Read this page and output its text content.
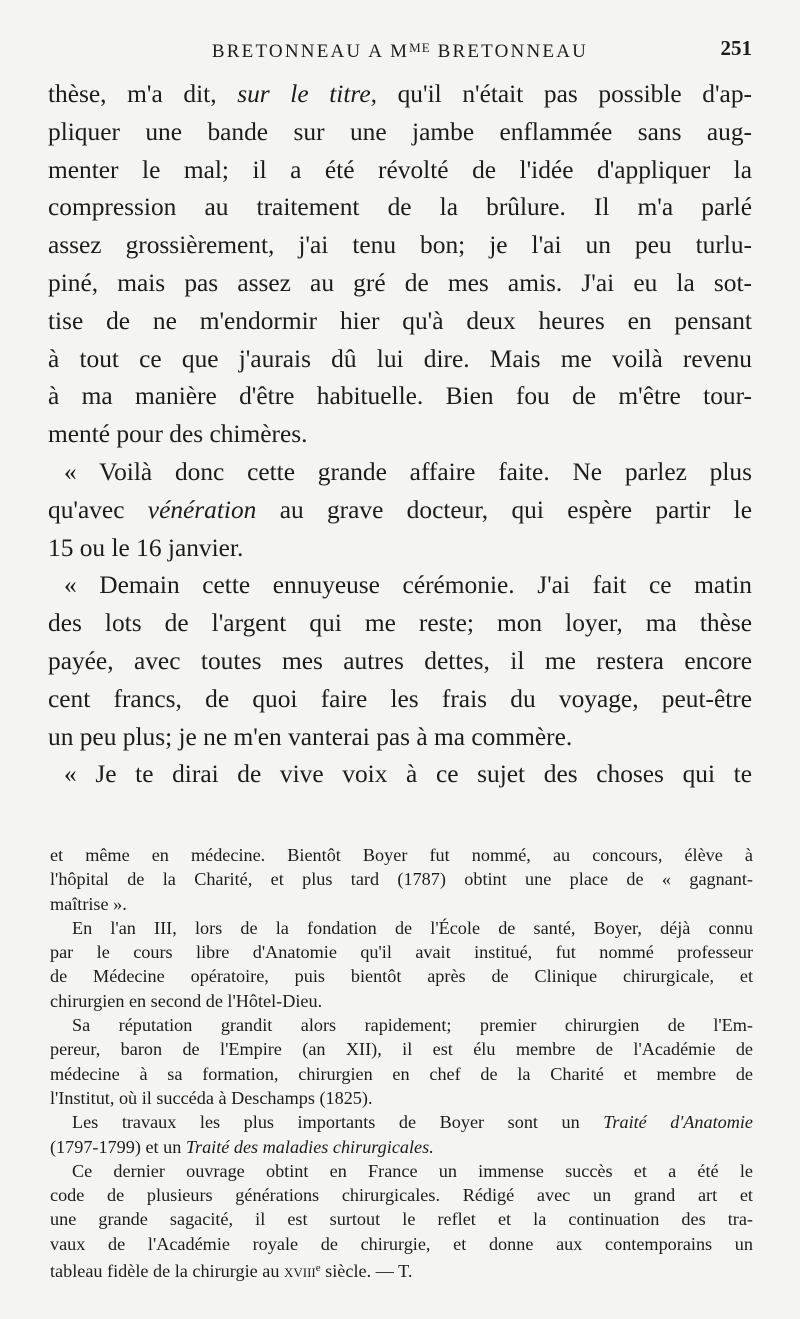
BRETONNEAU A $M^{ME}$ BRETONNEAU	251
thèse, m'a dit, sur le titre, qu'il n'était pas possible d'ap-
pliquer une bande sur une jambe enflammée sans aug-
menter le mal; il a été révolté de l'idée d'appliquer la
compression au traitement de la brûlure. Il m'a parlé
assez grossièrement, j'ai tenu bon; je l'ai un peu turlu-
piné, mais pas assez au gré de mes amis. J'ai eu la sot-
tise de ne m'endormir hier qu'à deux heures en pensant
à tout ce que j'aurais dû lui dire. Mais me voilà revenu
à ma manière d'être habituelle. Bien fou de m'être tour-
menté pour des chimères.
« Voilà donc cette grande affaire faite. Ne parlez plus
qu'avec vénération au grave docteur, qui espère partir le
15 ou le 16 janvier.
« Demain cette ennuyeuse cérémonie. J'ai fait ce matin
des lots de l'argent qui me reste; mon loyer, ma thèse
payée, avec toutes mes autres dettes, il me restera encore
cent francs, de quoi faire les frais du voyage, peut-être
un peu plus; je ne m'en vanterai pas à ma commère.
« Je te dirai de vive voix à ce sujet des choses qui te
et même en médecine. Bientôt Boyer fut nommé, au concours, élève à
l'hôpital de la Charité, et plus tard (1787) obtint une place de « gagnant-
maîtrise ».
En l'an III, lors de la fondation de l'École de santé, Boyer, déjà connu
par le cours libre d'Anatomie qu'il avait institué, fut nommé professeur
de Médecine opératoire, puis bientôt après de Clinique chirurgicale, et
chirurgien en second de l'Hôtel-Dieu.
Sa réputation grandit alors rapidement; premier chirurgien de l'Em-
pereur, baron de l'Empire (an XII), il est élu membre de l'Académie de
médecine à sa formation, chirurgien en chef de la Charité et membre de
l'Institut, où il succéda à Deschamps (1825).
Les travaux les plus importants de Boyer sont un Traité d'Anatomie
(1797-1799) et un Traité des maladies chirurgicales.
Ce dernier ouvrage obtint en France un immense succès et a été le
code de plusieurs générations chirurgicales. Rédigé avec un grand art et
une grande sagacité, il est surtout le reflet et la continuation des tra-
vaux de l'Académie royale de chirurgie, et donne aux contemporains un
tableau fidèle de la chirurgie au xviii$^e$ siècle. — T.
